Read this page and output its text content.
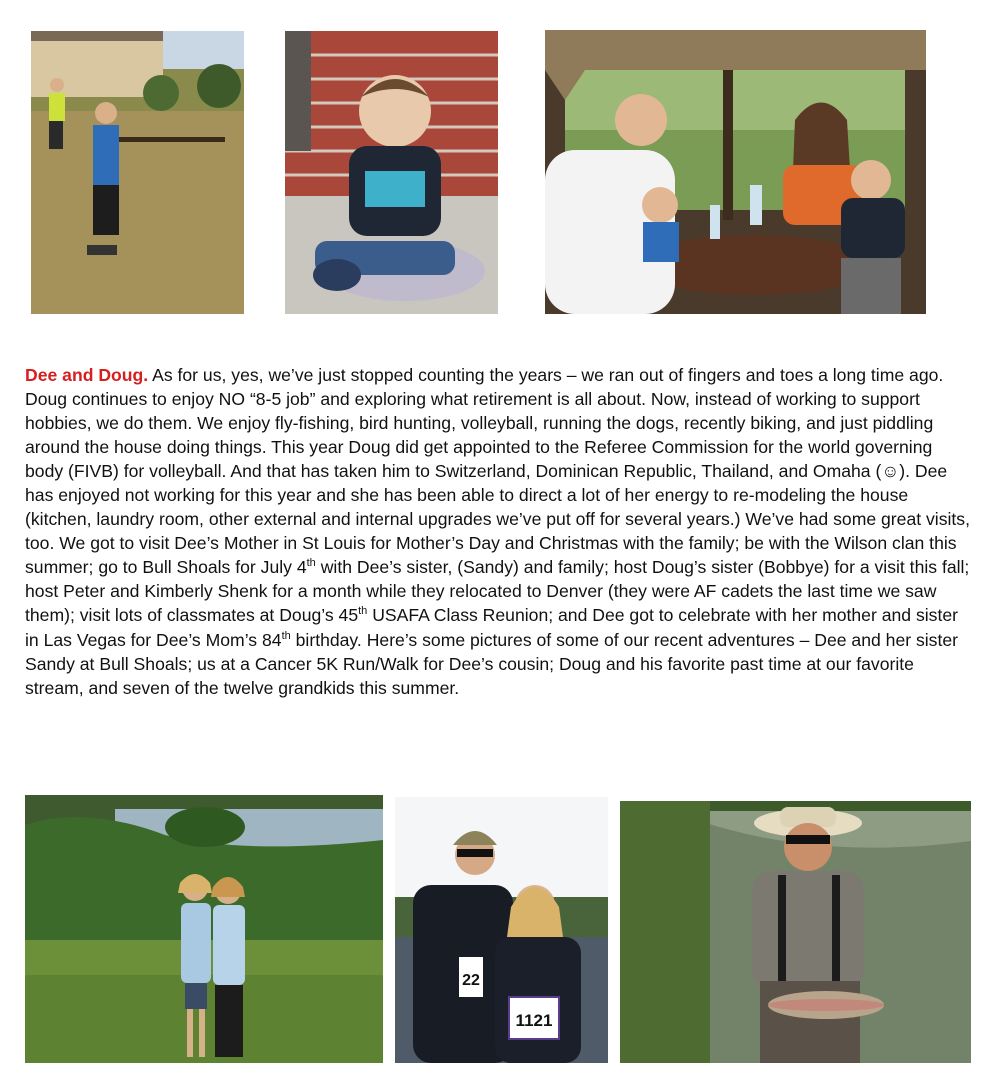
Dee and Doug. As for us, yes, we’ve just stopped counting the years – we ran out of fingers and toes a long time ago. Doug continues to enjoy NO “8-5 job” and exploring what retirement is all about. Now, instead of working to support hobbies, we do them. We enjoy fly-fishing, bird hunting, volleyball, running the dogs, recently biking, and just piddling around the house doing things. This year Doug did get appointed to the Referee Commission for the world governing body (FIVB) for volleyball. And that has taken him to Switzerland, Dominican Republic, Thailand, and Omaha (☺). Dee has enjoyed not working for this year and she has been able to direct a lot of her energy to re-modeling the house (kitchen, laundry room, other external and internal upgrades we’ve put off for several years.) We’ve had some great visits, too. We got to visit Dee’s Mother in St Louis for Mother’s Day and Christmas with the family; be with the Wilson clan this summer; go to Bull Shoals for July 4th with Dee’s sister, (Sandy) and family; host Doug’s sister (Bobbye) for a visit this fall; host Peter and Kimberly Shenk for a month while they relocated to Denver (they were AF cadets the last time we saw them); visit lots of classmates at Doug’s 45th USAFA Class Reunion; and Dee got to celebrate with her mother and sister in Las Vegas for Dee’s Mom’s 84th birthday. Here’s some pictures of some of our recent adventures – Dee and her sister Sandy at Bull Shoals; us at a Cancer 5K Run/Walk for Dee’s cousin; Doug and his favorite past time at our favorite stream, and seven of the twelve grandkids this summer.
22
1121
